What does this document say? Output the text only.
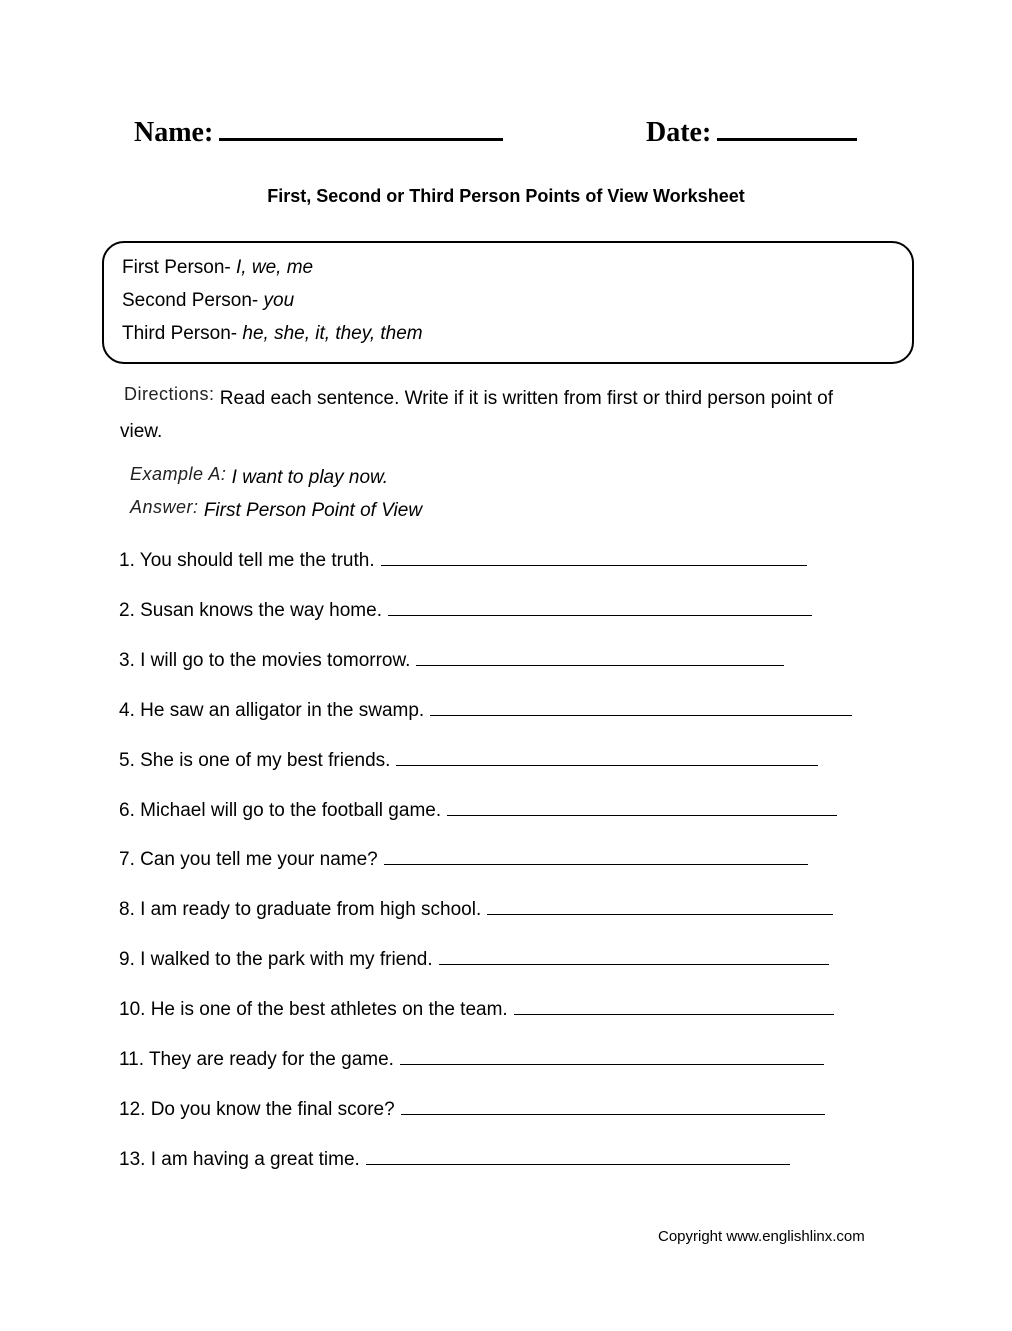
Name:	Date:
First, Second or Third Person Points of View Worksheet
First Person- I, we, me
Second Person- you
Third Person- he, she, it, they, them
Directions: Read each sentence. Write if it is written from first or third person point of view.
Example A: I want to play now.
Answer: First Person Point of View
1. You should tell me the truth.
2. Susan knows the way home.
3. I will go to the movies tomorrow.
4. He saw an alligator in the swamp.
5. She is one of my best friends.
6. Michael will go to the football game.
7. Can you tell me your name?
8. I am ready to graduate from high school.
9. I walked to the park with my friend.
10. He is one of the best athletes on the team.
11. They are ready for the game.
12. Do you know the final score?
13. I am having a great time.
Copyright www.englishlinx.com
